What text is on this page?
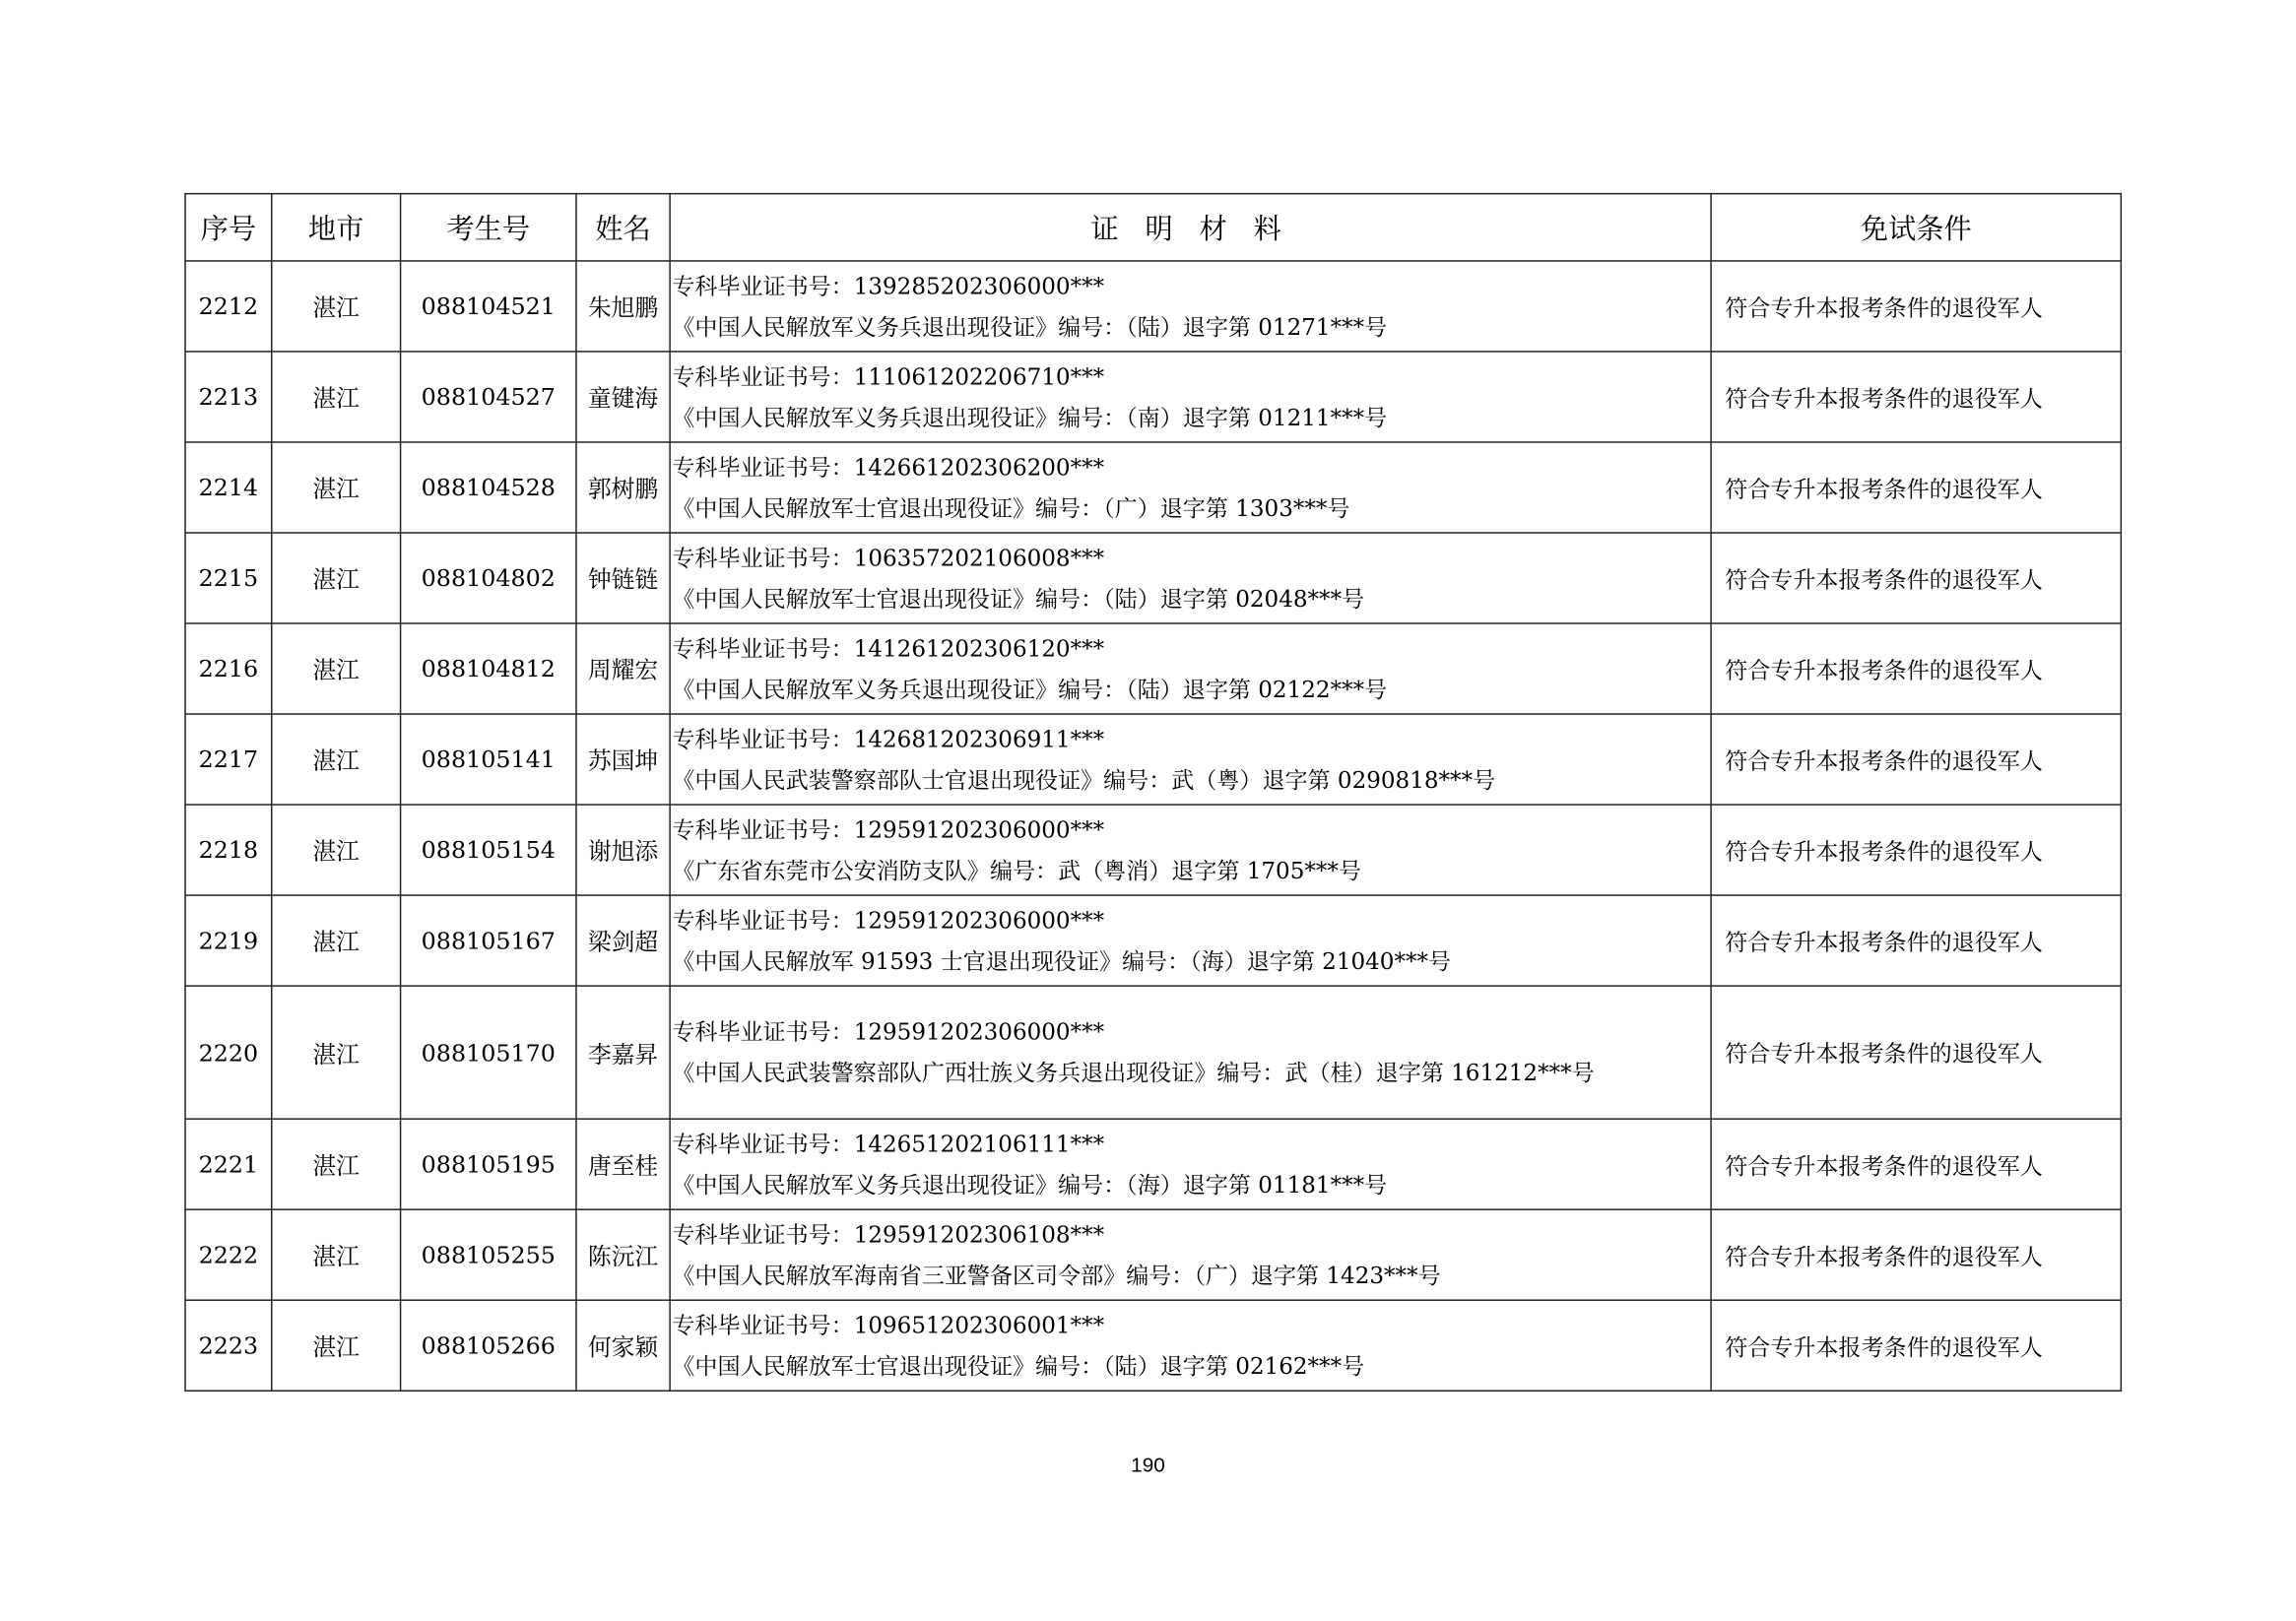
序号	地市	考生号	姓名	证 明 材 料	免试条件
2212	湛江	088104521	朱旭鹏	专科毕业证书号：139285202306000***
《中国人民解放军义务兵退出现役证》编号：（陆）退字第 01271***号	符合专升本报考条件的退役军人
2213	湛江	088104527	童键海	专科毕业证书号：111061202206710***
《中国人民解放军义务兵退出现役证》编号：（南）退字第 01211***号	符合专升本报考条件的退役军人
2214	湛江	088104528	郭树鹏	专科毕业证书号：142661202306200***
《中国人民解放军士官退出现役证》编号：（广）退字第 1303***号	符合专升本报考条件的退役军人
2215	湛江	088104802	钟链链	专科毕业证书号：106357202106008***
《中国人民解放军士官退出现役证》编号：（陆）退字第 02048***号	符合专升本报考条件的退役军人
2216	湛江	088104812	周耀宏	专科毕业证书号：141261202306120***
《中国人民解放军义务兵退出现役证》编号：（陆）退字第 02122***号	符合专升本报考条件的退役军人
2217	湛江	088105141	苏国坤	专科毕业证书号：142681202306911***
《中国人民武装警察部队士官退出现役证》编号：武（粤）退字第 0290818***号	符合专升本报考条件的退役军人
2218	湛江	088105154	谢旭添	专科毕业证书号：129591202306000***
《广东省东莞市公安消防支队》编号：武（粤消）退字第 1705***号	符合专升本报考条件的退役军人
2219	湛江	088105167	梁剑超	专科毕业证书号：129591202306000***
《中国人民解放军 91593 士官退出现役证》编号：（海）退字第 21040***号	符合专升本报考条件的退役军人
2220	湛江	088105170	李嘉昇	专科毕业证书号：129591202306000***
《中国人民武装警察部队广西壮族义务兵退出现役证》编号：武（桂）退字第 161212***号	符合专升本报考条件的退役军人
2221	湛江	088105195	唐至桂	专科毕业证书号：142651202106111***
《中国人民解放军义务兵退出现役证》编号：（海）退字第 01181***号	符合专升本报考条件的退役军人
2222	湛江	088105255	陈沅江	专科毕业证书号：129591202306108***
《中国人民解放军海南省三亚警备区司令部》编号：（广）退字第 1423***号	符合专升本报考条件的退役军人
2223	湛江	088105266	何家颖	专科毕业证书号：109651202306001***
《中国人民解放军士官退出现役证》编号：（陆）退字第 02162***号	符合专升本报考条件的退役军人
190
